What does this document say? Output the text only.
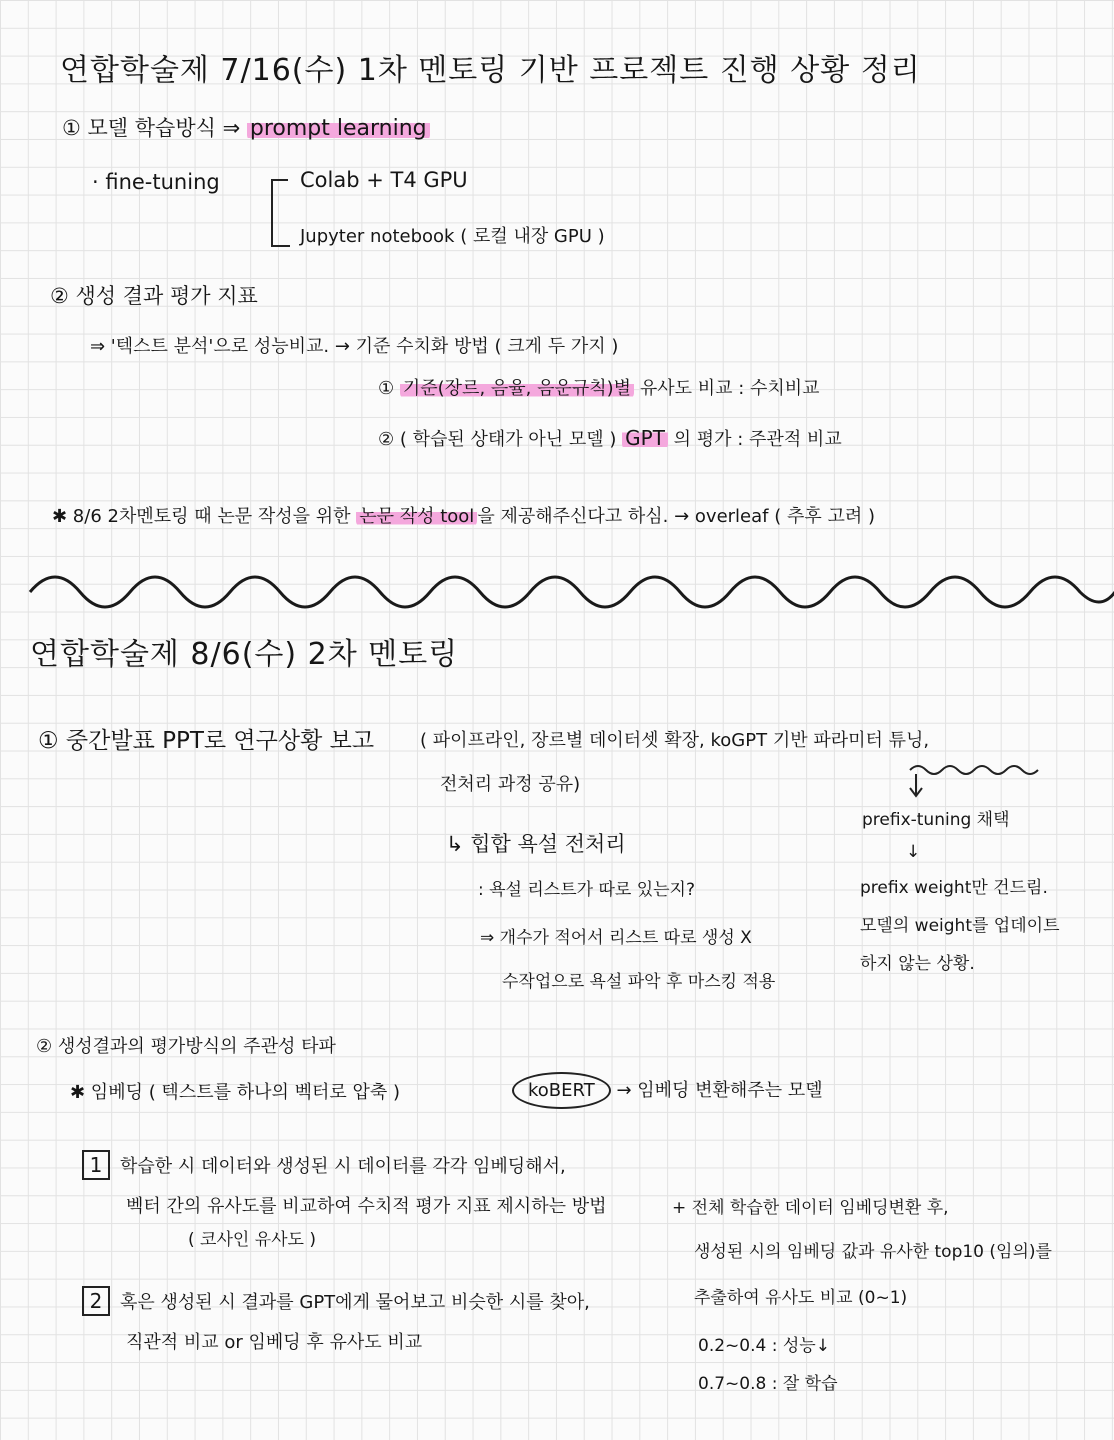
연합학술제 7/16(수) 1차 멘토링 기반 프로젝트 진행 상황 정리
① 모델 학습방식 ⇒ prompt learning
· fine-tuning	Colab + T4 GPU
Jupyter notebook ( 로컬 내장 GPU )
② 생성 결과 평가 지표
⇒ '텍스트 분석'으로 성능비교. → 기준 수치화 방법 ( 크게 두 가지 )
① 기준(장르, 음율, 음운규칙)별 유사도 비교 : 수치비교
② ( 학습된 상태가 아닌 모델 ) GPT 의 평가 : 주관적 비교
✱ 8/6 2차멘토링 때 논문 작성을 위한 논문 작성 tool 을 제공해주신다고 하심. → overleaf ( 추후 고려 )
연합학술제 8/6(수) 2차 멘토링
① 중간발표 PPT로 연구상황 보고	( 파이프라인, 장르별 데이터셋 확장, koGPT 기반 파라미터 튜닝,
전처리 과정 공유)
↳ 힙합 욕설 전처리
: 욕설 리스트가 따로 있는지?
⇒ 개수가 적어서 리스트 따로 생성 X
수작업으로 욕설 파악 후 마스킹 적용
prefix-tuning 채택
↓
prefix weight만 건드림.
모델의 weight를 업데이트
하지 않는 상황.
② 생성결과의 평가방식의 주관성 타파
✱ 임베딩 ( 텍스트를 하나의 벡터로 압축 )	koBERT → 임베딩 변환해주는 모델
1 학습한 시 데이터와 생성된 시 데이터를 각각 임베딩해서,
벡터 간의 유사도를 비교하여 수치적 평가 지표 제시하는 방법
( 코사인 유사도 )
+ 전체 학습한 데이터 임베딩변환 후,
생성된 시의 임베딩 값과 유사한 top10 (임의)를
추출하여 유사도 비교 (0~1)
0.2~0.4 : 성능↓
0.7~0.8 : 잘 학습
2 혹은 생성된 시 결과를 GPT에게 물어보고 비슷한 시를 찾아,
직관적 비교 or 임베딩 후 유사도 비교
